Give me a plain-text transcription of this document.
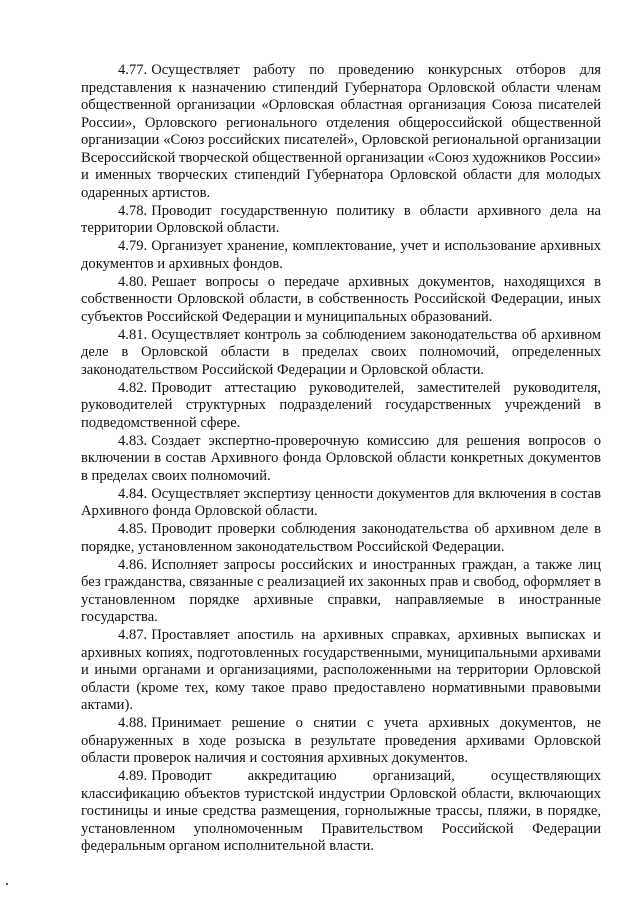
4.77. Осуществляет работу по проведению конкурсных отборов для представления к назначению стипендий Губернатора Орловской области членам общественной организации «Орловская областная организация Союза писателей России», Орловского регионального отделения общероссийской общественной организации «Союз российских писателей», Орловской региональной организации Всероссийской творческой общественной организации «Союз художников России» и именных творческих стипендий Губернатора Орловской области для молодых одаренных артистов.

4.78. Проводит государственную политику в области архивного дела на территории Орловской области.

4.79. Организует хранение, комплектование, учет и использование архивных документов и архивных фондов.

4.80. Решает вопросы о передаче архивных документов, находящихся в собственности Орловской области, в собственность Российской Федерации, иных субъектов Российской Федерации и муниципальных образований.

4.81. Осуществляет контроль за соблюдением законодательства об архивном деле в Орловской области в пределах своих полномочий, определенных законодательством Российской Федерации и Орловской области.

4.82. Проводит аттестацию руководителей, заместителей руководителя, руководителей структурных подразделений государственных учреждений в подведомственной сфере.

4.83. Создает экспертно-проверочную комиссию для решения вопросов о включении в состав Архивного фонда Орловской области конкретных документов в пределах своих полномочий.

4.84. Осуществляет экспертизу ценности документов для включения в состав Архивного фонда Орловской области.

4.85. Проводит проверки соблюдения законодательства об архивном деле в порядке, установленном законодательством Российской Федерации.

4.86. Исполняет запросы российских и иностранных граждан, а также лиц без гражданства, связанные с реализацией их законных прав и свобод, оформляет в установленном порядке архивные справки, направляемые в иностранные государства.

4.87. Проставляет апостиль на архивных справках, архивных выписках и архивных копиях, подготовленных государственными, муниципальными архивами и иными органами и организациями, расположенными на территории Орловской области (кроме тех, кому такое право предоставлено нормативными правовыми актами).

4.88. Принимает решение о снятии с учета архивных документов, не обнаруженных в ходе розыска в результате проведения архивами Орловской области проверок наличия и состояния архивных документов.

4.89. Проводит аккредитацию организаций, осуществляющих классификацию объектов туристской индустрии Орловской области, включающих гостиницы и иные средства размещения, горнолыжные трассы, пляжи, в порядке, установленном уполномоченным Правительством Российской Федерации федеральным органом исполнительной власти.
